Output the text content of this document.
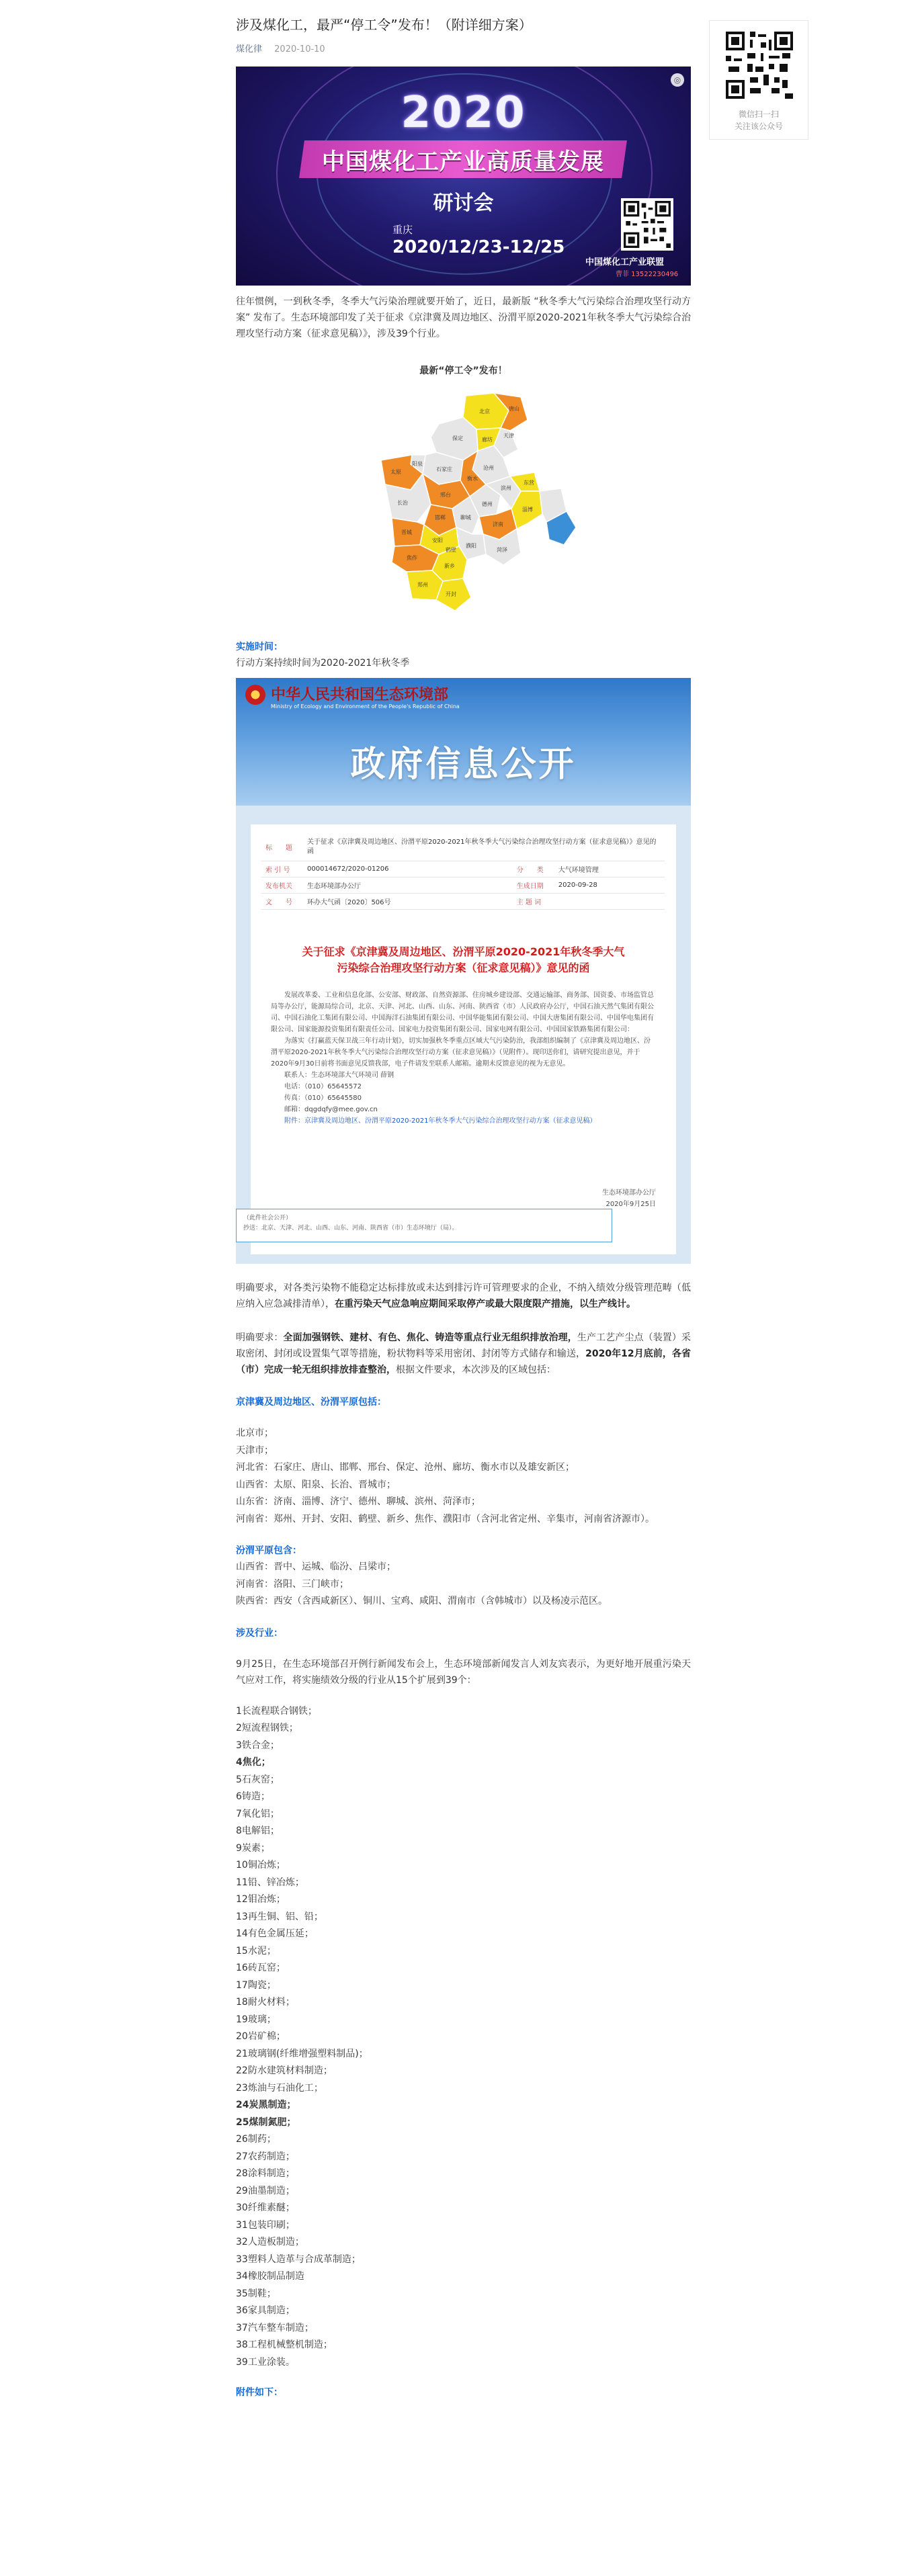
涉及煤化工，最严“停工令”发布！（附详细方案）
煤化律 2020-10-10
◎
2020
中国煤化工产业高质量发展
研讨会
重庆
2020/12/23-12/25
中国煤化工产业联盟
曹菲 13522230496

往年惯例，一到秋冬季，冬季大气污染治理就要开始了，近日，最新版 “秋冬季大气污染综合治理攻坚行动方案” 发布了。生态环境部印发了关于征求《京津冀及周边地区、汾渭平原2020-2021年秋冬季大气污染综合治理攻坚行动方案（征求意见稿）》，涉及39个行业。

最新“停工令”发布！

北京
天津
廊坊
保定
沧州
石家庄
衡水
邢台
德州
滨州
东营
邯郸	聊城
济南
淄博
安阳
鹤壁
新乡
濮阳
长治
晋城
太原
阳泉
焦作
郑州
开封
菏泽
唐山

实施时间：

行动方案持续时间为2020-2021年秋冬季

中华人民共和国生态环境部
Ministry of Ecology and Environment of the People's Republic of China
政府信息公开
标　　题	关于征求《京津冀及周边地区、汾渭平原2020-2021年秋冬季大气污染综合治理攻坚行动方案（征求意见稿）》意见的函		
索 引 号	000014672/2020-01206	分　　类	大气环境管理
发布机关	生态环境部办公厅	生成日期	2020-09-28
文　　号	环办大气函〔2020〕506号	主 题 词	
关于征求《京津冀及周边地区、汾渭平原2020-2021年秋冬季大气
污染综合治理攻坚行动方案（征求意见稿）》意见的函

发展改革委、工业和信息化部、公安部、财政部、自然资源部、住房城乡建设部、交通运输部、商务部、国资委、市场监管总局等办公厅，能源局综合司，北京、天津、河北、山西、山东、河南、陕西省（市）人民政府办公厅，中国石油天然气集团有限公司、中国石油化工集团有限公司、中国海洋石油集团有限公司、中国华能集团有限公司、中国大唐集团有限公司、中国华电集团有限公司、国家能源投资集团有限责任公司、国家电力投资集团有限公司、国家电网有限公司、中国国家铁路集团有限公司：

为落实《打赢蓝天保卫战三年行动计划》，切实加强秋冬季重点区域大气污染防治，我部组织编制了《京津冀及周边地区、汾渭平原2020-2021年秋冬季大气污染综合治理攻坚行动方案（征求意见稿）》（见附件）。现印送你们，请研究提出意见，并于2020年9月30日前将书面意见反馈我部，电子件请发至联系人邮箱。逾期未反馈意见的视为无意见。

联系人：生态环境部大气环境司 薛钢

电话：（010）65645572

传真：（010）65645580

邮箱：dqgdqfy@mee.gov.cn

附件：京津冀及周边地区、汾渭平原2020-2021年秋冬季大气污染综合治理攻坚行动方案（征求意见稿）

生态环境部办公厅
2020年9月25日
（此件社会公开）
抄送：北京、天津、河北、山西、山东、河南、陕西省（市）生态环境厅（局）。

明确要求，对各类污染物不能稳定达标排放或未达到排污许可管理要求的企业，不纳入绩效分级管理范畴（低应纳入应急减排清单），在重污染天气应急响应期间采取停产或最大限度限产措施，以生产线计。

明确要求：全面加强钢铁、建材、有色、焦化、铸造等重点行业无组织排放治理，生产工艺产尘点（装置）采取密闭、封闭或设置集气罩等措施，粉状物料等采用密闭、封闭等方式储存和输送，2020年12月底前，各省（市）完成一轮无组织排放排查整治，根据文件要求，本次涉及的区域包括：

京津冀及周边地区、汾渭平原包括：

北京市；

天津市；

河北省：石家庄、唐山、邯郸、邢台、保定、沧州、廊坊、衡水市以及雄安新区；

山西省：太原、阳泉、长治、晋城市；

山东省：济南、淄博、济宁、德州、聊城、滨州、菏泽市；

河南省：郑州、开封、安阳、鹤壁、新乡、焦作、濮阳市（含河北省定州、辛集市，河南省济源市）。

汾渭平原包含：

山西省：晋中、运城、临汾、吕梁市；

河南省：洛阳、三门峡市；

陕西省：西安（含西咸新区）、铜川、宝鸡、咸阳、渭南市（含韩城市）以及杨凌示范区。

涉及行业：

9月25日，在生态环境部召开例行新闻发布会上，生态环境部新闻发言人刘友宾表示，为更好地开展重污染天气应对工作，将实施绩效分级的行业从15个扩展到39个：

1长流程联合钢铁；

2短流程钢铁；

3铁合金；

4焦化；

5石灰窑；

6铸造；

7氧化铝；

8电解铝；

9炭素；

10铜冶炼；

11铅、锌冶炼；

12钼冶炼；

13再生铜、铝、铅；

14有色金属压延；

15水泥；

16砖瓦窑；

17陶瓷；

18耐火材料；

19玻璃；

20岩矿棉；

21玻璃钢(纤维增强塑料制品)；

22防水建筑材料制造；

23炼油与石油化工；

24炭黑制造；

25煤制氮肥；

26制药；

27农药制造；

28涂料制造；

29油墨制造；

30纤维素醚；

31包装印刷；

32人造板制造；

33塑料人造革与合成革制造；

34橡胶制品制造

35制鞋；

36家具制造；

37汽车整车制造；

38工程机械整机制造；

39工业涂装。

附件如下：

微信扫一扫
关注该公众号
